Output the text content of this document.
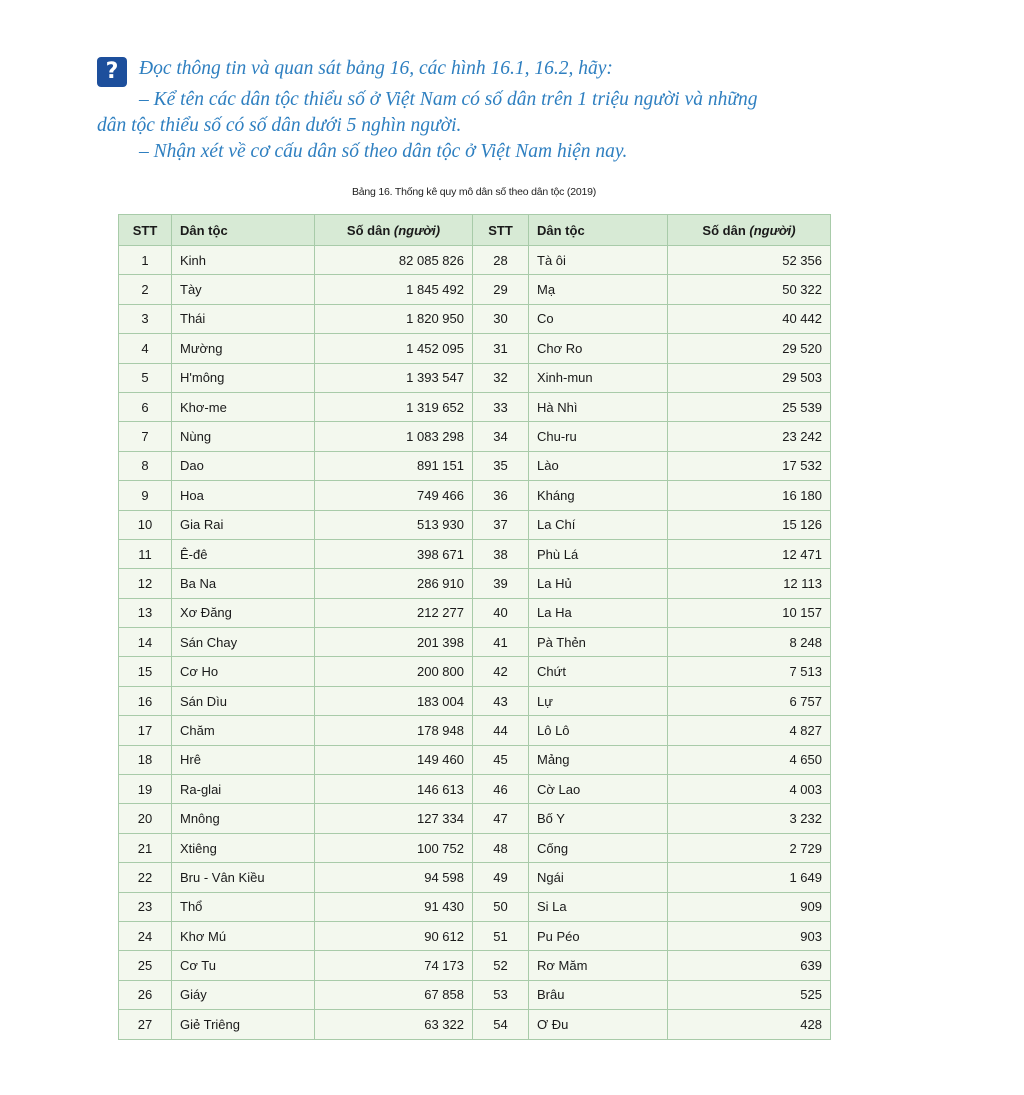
? Đọc thông tin và quan sát bảng 16, các hình 16.1, 16.2, hãy:
– Kể tên các dân tộc thiểu số ở Việt Nam có số dân trên 1 triệu người và những
dân tộc thiểu số có số dân dưới 5 nghìn người.
– Nhận xét về cơ cấu dân số theo dân tộc ở Việt Nam hiện nay.
Bảng 16. Thống kê quy mô dân số theo dân tộc (2019)
STT	Dân tộc	Số dân (người)	STT	Dân tộc	Số dân (người)
1	Kinh	82 085 826	28	Tà ôi	52 356
2	Tày	1 845 492	29	Mạ	50 322
3	Thái	1 820 950	30	Co	40 442
4	Mường	1 452 095	31	Chơ Ro	29 520
5	H'mông	1 393 547	32	Xinh-mun	29 503
6	Khơ-me	1 319 652	33	Hà Nhì	25 539
7	Nùng	1 083 298	34	Chu-ru	23 242
8	Dao	891 151	35	Lào	17 532
9	Hoa	749 466	36	Kháng	16 180
10	Gia Rai	513 930	37	La Chí	15 126
11	Ê-đê	398 671	38	Phù Lá	12 471
12	Ba Na	286 910	39	La Hủ	12 113
13	Xơ Đăng	212 277	40	La Ha	10 157
14	Sán Chay	201 398	41	Pà Thẻn	8 248
15	Cơ Ho	200 800	42	Chứt	7 513
16	Sán Dìu	183 004	43	Lự	6 757
17	Chăm	178 948	44	Lô Lô	4 827
18	Hrê	149 460	45	Mảng	4 650
19	Ra-glai	146 613	46	Cờ Lao	4 003
20	Mnông	127 334	47	Bố Y	3 232
21	Xtiêng	100 752	48	Cống	2 729
22	Bru - Vân Kiều	94 598	49	Ngái	1 649
23	Thổ	91 430	50	Si La	909
24	Khơ Mú	90 612	51	Pu Péo	903
25	Cơ Tu	74 173	52	Rơ Măm	639
26	Giáy	67 858	53	Brâu	525
27	Giẻ Triêng	63 322	54	Ơ Đu	428
